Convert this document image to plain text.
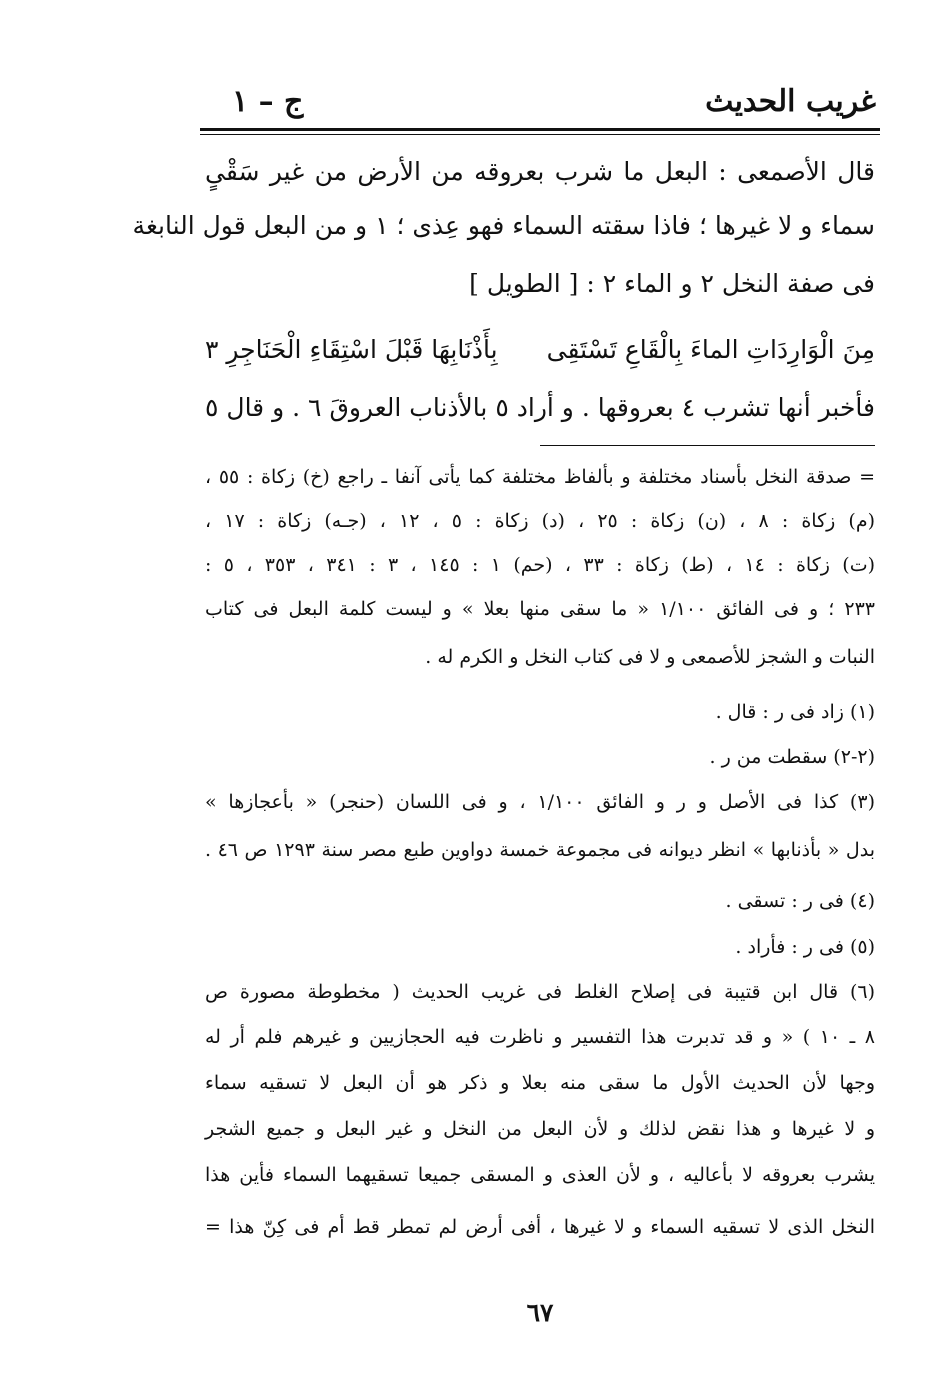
غريب الحديث
ج – ١
قال الأصمعى : البعل ما شرب بعروقه من الأرض من غير سَقْىٍ
سماء و لا غيرها ؛ فاذا سقته السماء فهو عِذى ؛ ١ و من البعل قول النابغة
فى صفة النخل ٢ و الماء ٢ : [ الطويل ]
مِنَ الْوَارِدَاتِ الماءَ بِالْقَاعِ تَسْتَقِى
بِأَذْنَابِهَا قَبْلَ اسْتِقَاءِ الْحَنَاجِرِ ٣
فأخبر أنها تشرب ٤ بعروقها . و أراد ٥ بالأذناب العروقَ ٦ . و قال ٥
= صدقة النخل بأسناد مختلفة و بألفاظ مختلفة كما يأتى آنفا ـ راجع (خ) زكاة : ٥٥ ،
(م) زكاة : ٨ ، (ن) زكاة : ٢٥ ، (د) زكاة : ٥ ، ١٢ ، (جـه) زكاة : ١٧ ،
(ت) زكاة : ١٤ ، (ط) زكاة : ٣٣ ، (حم) ١ : ١٤٥ ، ٣ : ٣٤١ ، ٣٥٣ ، ٥ :
٢٣٣ ؛ و فى الفائق ١/١٠٠ « ما سقى منها بعلا » و ليست كلمة البعل فى كتاب
النبات و الشجز للأصمعى و لا فى كتاب النخل و الكرم له .
(١) زاد فى ر : قال .
(٢-٢) سقطت من ر .
(٣) كذا فى الأصل و ر و الفائق ١/١٠٠ ، و فى اللسان (حنجر) « بأعجازها »
بدل « بأذنابها » انظر ديوانه فى مجموعة خمسة دواوين طبع مصر سنة ١٢٩٣ ص ٤٦ .
(٤) فى ر : تسقى .
(٥) فى ر : فأراد .
(٦) قال ابن قتيبة فى إصلاح الغلط فى غريب الحديث ( مخطوطة مصورة ص
٨ ـ ١٠ ) « و قد تدبرت هذا التفسير و ناظرت فيه الحجازيين و غيرهم فلم أر له
وجها لأن الحديث الأول ما سقى منه بعلا و ذكر هو أن البعل لا تسقيه سماء
و لا غيرها و هذا نقض لذلك و لأن البعل من النخل و غير البعل و جميع الشجر
يشرب بعروقه لا بأعاليه ، و لأن العذى و المسقى جميعا تسقيهما السماء فأين هذا
النخل الذى لا تسقيه السماء و لا غيرها ، أفى أرض لم تمطر قط أم فى كِنّ هذا =
٦٧
